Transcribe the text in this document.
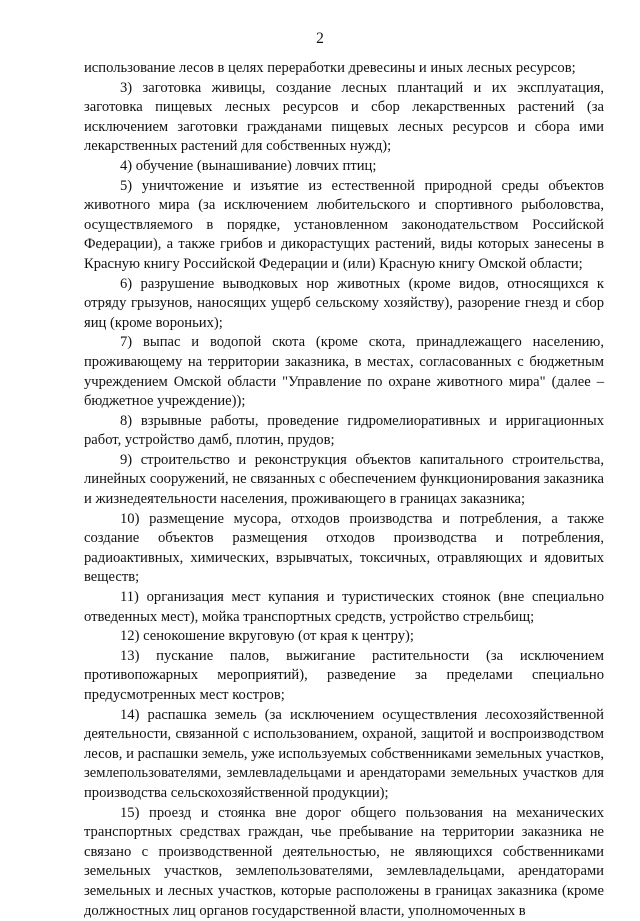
2

использование лесов в целях переработки древесины и иных лесных ресурсов;

3) заготовка живицы, создание лесных плантаций и их эксплуатация, заготовка пищевых лесных ресурсов и сбор лекарственных растений (за исключением заготовки гражданами пищевых лесных ресурсов и сбора ими лекарственных растений для собственных нужд);

4) обучение (вынашивание) ловчих птиц;

5) уничтожение и изъятие из естественной природной среды объектов животного мира (за исключением любительского и спортивного рыболовства, осуществляемого в порядке, установленном законодательством Российской Федерации), а также грибов и дикорастущих растений, виды которых занесены в Красную книгу Российской Федерации и (или) Красную книгу Омской области;

6) разрушение выводковых нор животных (кроме видов, относящихся к отряду грызунов, наносящих ущерб сельскому хозяйству), разорение гнезд и сбор яиц (кроме вороньих);

7) выпас и водопой скота (кроме скота, принадлежащего населению, проживающему на территории заказника, в местах, согласованных с бюджетным учреждением Омской области "Управление по охране животного мира" (далее – бюджетное учреждение));

8) взрывные работы, проведение гидромелиоративных и ирригационных работ, устройство дамб, плотин, прудов;

9) строительство и реконструкция объектов капитального строительства, линейных сооружений, не связанных с обеспечением функционирования заказника и жизнедеятельности населения, проживающего в границах заказника;

10) размещение мусора, отходов производства и потребления, а также создание объектов размещения отходов производства и потребления, радиоактивных, химических, взрывчатых, токсичных, отравляющих и ядовитых веществ;

11) организация мест купания и туристических стоянок (вне специально отведенных мест), мойка транспортных средств, устройство стрельбищ;

12) сенокошение вкруговую (от края к центру);

13) пускание палов, выжигание растительности (за исключением противопожарных мероприятий), разведение за пределами специально предусмотренных мест костров;

14) распашка земель (за исключением осуществления лесохозяйственной деятельности, связанной с использованием, охраной, защитой и воспроизводством лесов, и распашки земель, уже используемых собственниками земельных участков, землепользователями, землевладельцами и арендаторами земельных участков для производства сельскохозяйственной продукции);

15) проезд и стоянка вне дорог общего пользования на механических транспортных средствах граждан, чье пребывание на территории заказника не связано с производственной деятельностью, не являющихся собственниками земельных участков, землепользователями, землевладельцами, арендаторами земельных и лесных участков, которые расположены в границах заказника (кроме должностных лиц органов государственной власти, уполномоченных в
